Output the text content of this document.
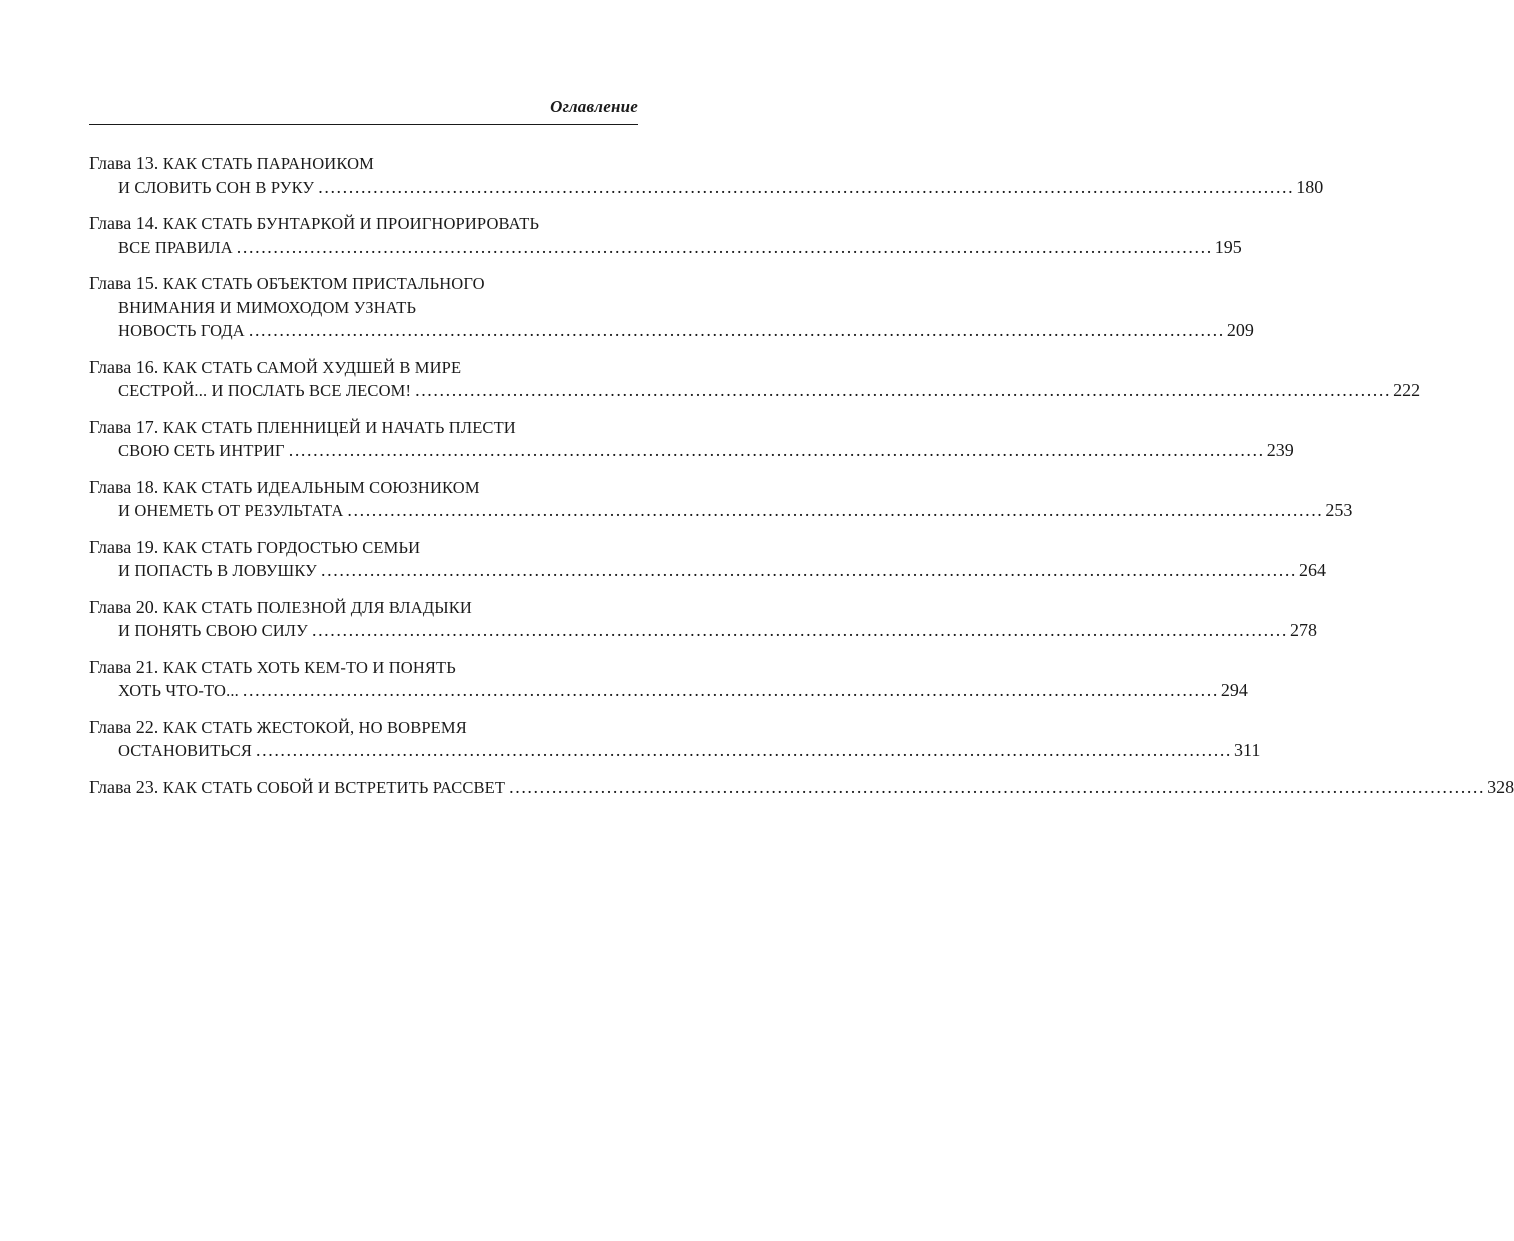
Оглавление
Глава 13. КАК СТАТЬ ПАРАНОИКОМ
И СЛОВИТЬ СОН В РУКУ ................................................................................................................................................................ 180
Глава 14. КАК СТАТЬ БУНТАРКОЙ И ПРОИГНОРИРОВАТЬ
ВСЕ ПРАВИЛА ................................................................................................................................................................ 195
Глава 15. КАК СТАТЬ ОБЪЕКТОМ ПРИСТАЛЬНОГО
ВНИМАНИЯ И МИМОХОДОМ УЗНАТЬ
НОВОСТЬ ГОДА ................................................................................................................................................................ 209
Глава 16. КАК СТАТЬ САМОЙ ХУДШЕЙ В МИРЕ
СЕСТРОЙ... И ПОСЛАТЬ ВСЕ ЛЕСОМ! ................................................................................................................................................................ 222
Глава 17. КАК СТАТЬ ПЛЕННИЦЕЙ И НАЧАТЬ ПЛЕСТИ
СВОЮ СЕТЬ ИНТРИГ ................................................................................................................................................................ 239
Глава 18. КАК СТАТЬ ИДЕАЛЬНЫМ СОЮЗНИКОМ
И ОНЕМЕТЬ ОТ РЕЗУЛЬТАТА ................................................................................................................................................................ 253
Глава 19. КАК СТАТЬ ГОРДОСТЬЮ СЕМЬИ
И ПОПАСТЬ В ЛОВУШКУ ................................................................................................................................................................ 264
Глава 20. КАК СТАТЬ ПОЛЕЗНОЙ ДЛЯ ВЛАДЫКИ
И ПОНЯТЬ СВОЮ СИЛУ ................................................................................................................................................................ 278
Глава 21. КАК СТАТЬ ХОТЬ КЕМ-ТО И ПОНЯТЬ
ХОТЬ ЧТО-ТО... ................................................................................................................................................................ 294
Глава 22. КАК СТАТЬ ЖЕСТОКОЙ, НО ВОВРЕМЯ
ОСТАНОВИТЬСЯ ................................................................................................................................................................ 311
Глава 23. КАК СТАТЬ СОБОЙ И ВСТРЕТИТЬ РАССВЕТ ................................................................................................................................................................ 328
